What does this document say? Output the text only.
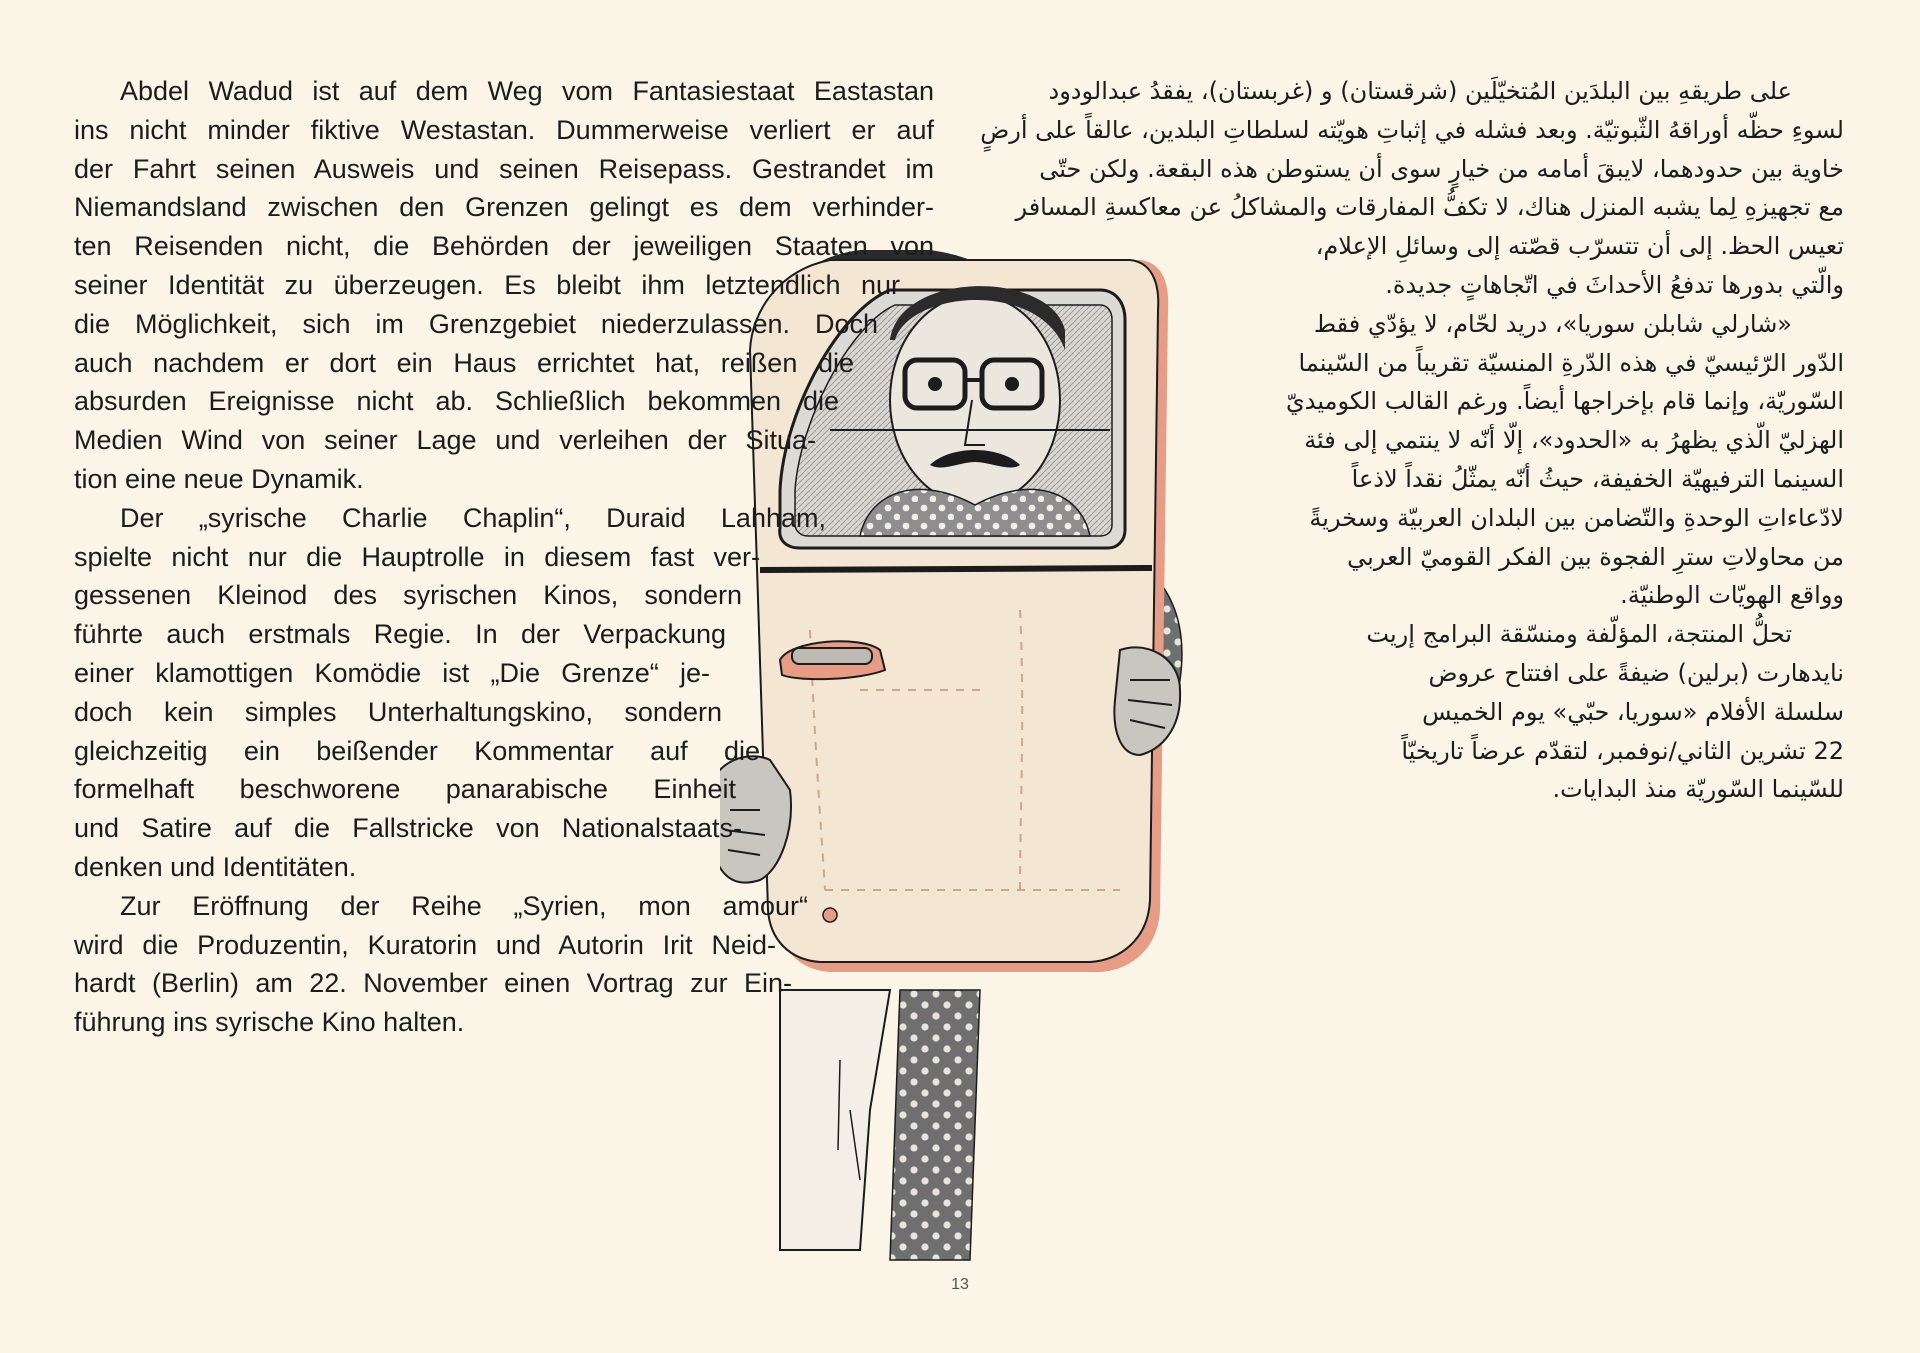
Abdel Wadud ist auf dem Weg vom Fantasiestaat Eastastan
ins nicht minder fiktive Westastan. Dummerweise verliert er auf
der Fahrt seinen Ausweis und seinen Reisepass. Gestrandet im
Niemandsland zwischen den Grenzen gelingt es dem verhinder-
ten Reisenden nicht, die Behörden der jeweiligen Staaten von
seiner Identität zu überzeugen. Es bleibt ihm letztendlich nur
die Möglichkeit, sich im Grenzgebiet niederzulassen. Doch
auch nachdem er dort ein Haus errichtet hat, reißen die
absurden Ereignisse nicht ab. Schließlich bekommen die
Medien Wind von seiner Lage und verleihen der Situa-
tion eine neue Dynamik.
Der „syrische Charlie Chaplin“, Duraid Lahham,
spielte nicht nur die Hauptrolle in diesem fast ver-
gessenen Kleinod des syrischen Kinos, sondern
führte auch erstmals Regie. In der Verpackung
einer klamottigen Komödie ist „Die Grenze“ je-
doch kein simples Unterhaltungskino, sondern
gleichzeitig ein beißender Kommentar auf die
formelhaft beschworene panarabische Einheit
und Satire auf die Fallstricke von Nationalstaats-
denken und Identitäten.
Zur Eröffnung der Reihe „Syrien, mon amour“
wird die Produzentin, Kuratorin und Autorin Irit Neid-
hardt (Berlin) am 22. November einen Vortrag zur Ein-
führung ins syrische Kino halten.
على طريقهِ بين البلدَين المُتخيّلَين (شرقستان) و (غربستان)، يفقدُ عبدالودود
لسوءِ حظّه أوراقهُ الثّبوتيّة. وبعد فشله في إثباتِ هويّته لسلطاتِ البلدين، عالقاً على أرضٍ
خاوية بين حدودهما، لايبقَ أمامه من خيارٍ سوى أن يستوطن هذه البقعة. ولكن حتّى
مع تجهيزهِ لِما يشبه المنزل هناك، لا تكفُّ المفارقات والمشاكلُ عن معاكسةِ المسافر
تعيس الحظ. إلى أن تتسرّب قصّته إلى وسائلِ الإعلام،
والّتي بدورها تدفعُ الأحداثَ في اتّجاهاتٍ جديدة.
«شارلي شابلن سوريا»، دريد لحّام، لا يؤدّي فقط
الدّور الرّئيسيّ في هذه الدّرةِ المنسيّة تقريباً من السّينما
السّوريّة، وإنما قام بإخراجها أيضاً. ورغم القالب الكوميديّ
الهزليّ الّذي يظهرُ به «الحدود»، إلّا أنّه لا ينتمي إلى فئة
السينما الترفيهيّة الخفيفة، حيثُ أنّه يمثّلُ نقداً لاذعاً
لادّعاءاتِ الوحدةِ والتّضامن بين البلدان العربيّة وسخريةً
من محاولاتِ سترِ الفجوة بين الفكر القوميّ العربي
وواقع الهويّات الوطنيّة.
تحلُّ المنتجة، المؤلّفة ومنسّقة البرامج إريت
نايدهارت (برلين) ضيفةً على افتتاح عروض
سلسلة الأفلام «سوريا، حبّي» يوم الخميس
22 تشرين الثاني/نوفمبر، لتقدّم عرضاً تاريخيّاً
للسّينما السّوريّة منذ البدايات.
13
